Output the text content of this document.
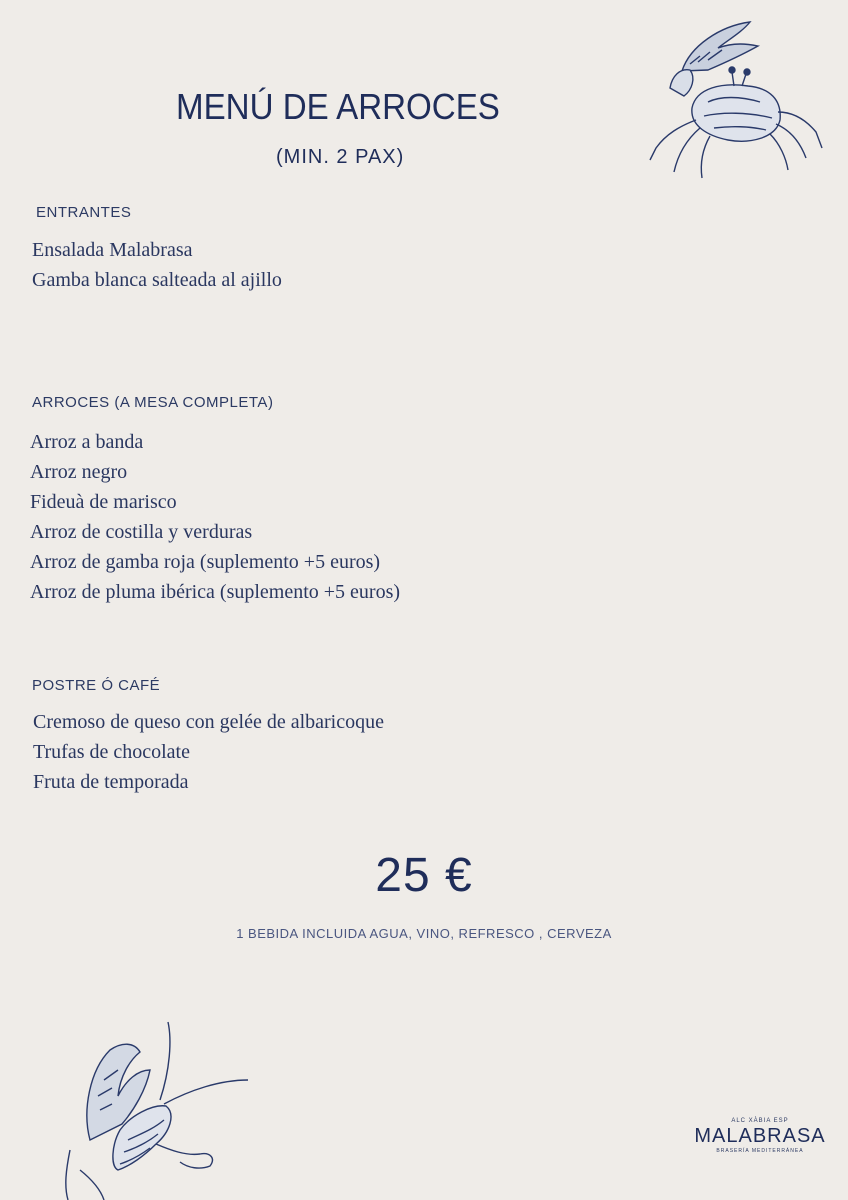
MENÚ DE ARROCES
(MIN. 2 PAX)
ENTRANTES
Ensalada Malabrasa
Gamba blanca salteada al ajillo
ARROCES (A MESA COMPLETA)
Arroz a banda
Arroz negro
Fideuà de marisco
Arroz de costilla y verduras
Arroz de gamba roja (suplemento +5 euros)
Arroz de pluma ibérica (suplemento +5 euros)
POSTRE Ó CAFÉ
Cremoso de queso con gelée de albaricoque
Trufas de chocolate
Fruta de temporada
25 €
1 BEBIDA INCLUIDA AGUA, VINO, REFRESCO , CERVEZA
ALC XÀBIA ESP
MALABRASA
BRASERÍA MEDITERRÁNEA
